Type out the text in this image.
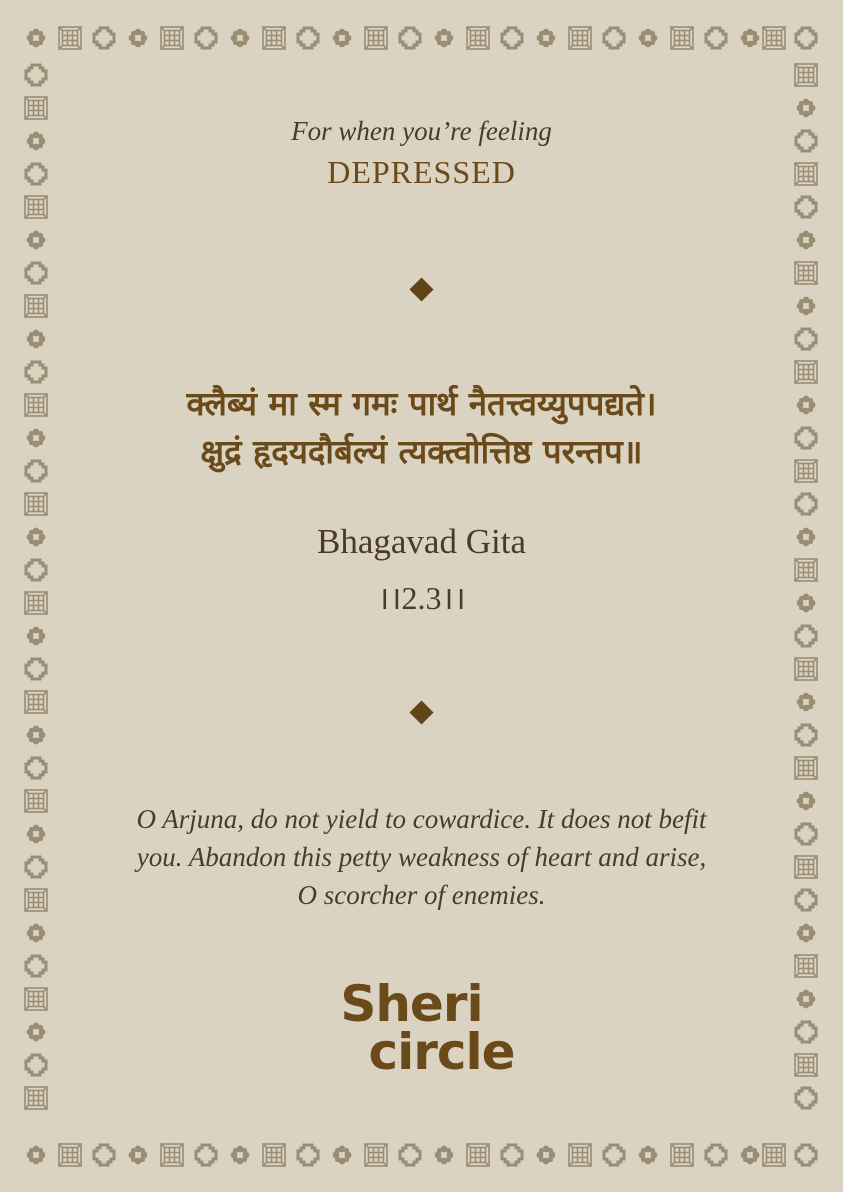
For when you’re feeling
DEPRESSED
क्लैब्यं मा स्म गमः पार्थ नैतत्त्वय्युपपद्यते।
क्षुद्रं हृदयदौर्बल्यं त्यक्त्वोत्तिष्ठ परन्तप॥
Bhagavad Gita
।।2.3।।
O Arjuna, do not yield to cowardice. It does not befit
you. Abandon this petty weakness of heart and arise,
O scorcher of enemies.
Sheri
circle
